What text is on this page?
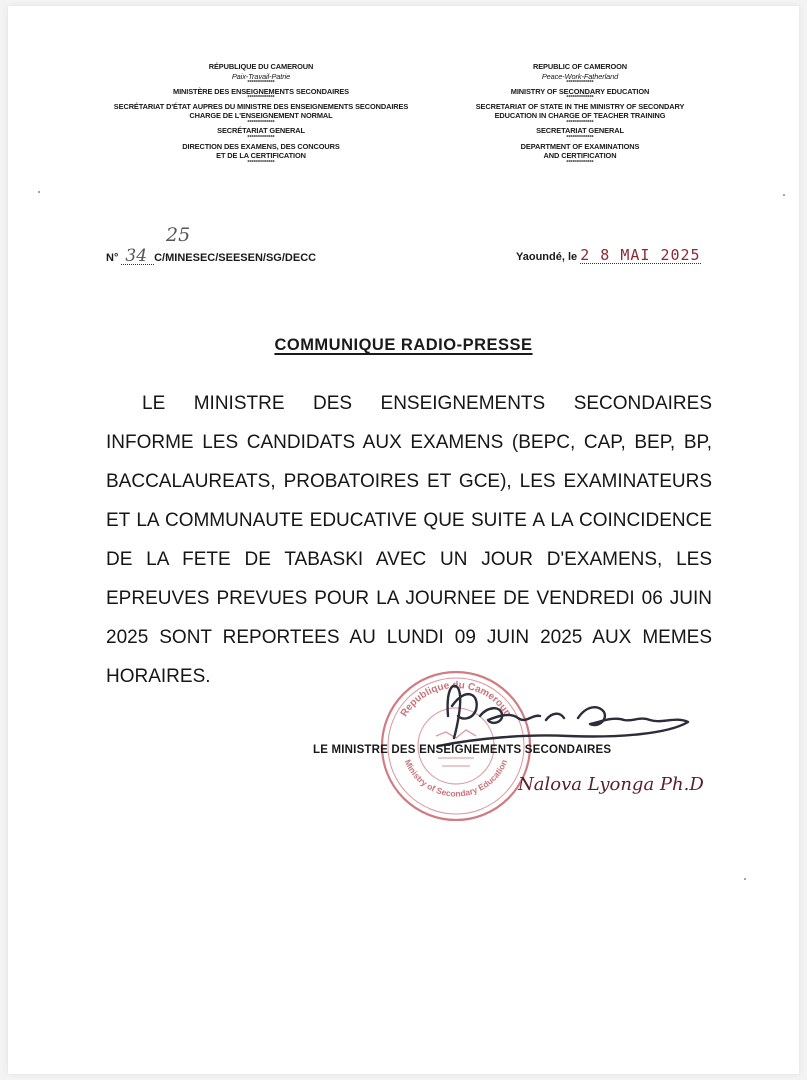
RÉPUBLIQUE DU CAMEROUN
Paix-Travail-Patrie
**************
MINISTÈRE DES ENSEIGNEMENTS SECONDAIRES
**************
SECRÉTARIAT D'ÉTAT AUPRES DU MINISTRE DES ENSEIGNEMENTS SECONDAIRES
CHARGE DE L'ENSEIGNEMENT NORMAL
**************
SECRÉTARIAT GENERAL
**************
DIRECTION DES EXAMENS, DES CONCOURS
ET DE LA CERTIFICATION
**************
REPUBLIC OF CAMEROON
Peace-Work-Fatherland
**************
MINISTRY OF SECONDARY EDUCATION
**************
SECRETARIAT OF STATE IN THE MINISTRY OF SECONDARY
EDUCATION IN CHARGE OF TEACHER TRAINING
**************
SECRETARIAT GENERAL
**************
DEPARTMENT OF EXAMINATIONS
AND CERTIFICATION
**************
N° 34
25
C/MINESEC/SEESEN/SG/DECC	Yaoundé, le 2 8 MAI 2025
COMMUNIQUE RADIO-PRESSE
LE MINISTRE DES ENSEIGNEMENTS SECONDAIRES INFORME LES CANDIDATS AUX EXAMENS (BEPC, CAP, BEP, BP, BACCALAUREATS, PROBATOIRES ET GCE), LES EXAMINATEURS ET LA COMMUNAUTE EDUCATIVE QUE SUITE A LA COINCIDENCE DE LA FETE DE TABASKI AVEC UN JOUR D'EXAMENS, LES EPREUVES PREVUES POUR LA JOURNEE DE VENDREDI 06 JUIN 2025 SONT REPORTEES AU LUNDI 09 JUIN 2025 AUX MEMES HORAIRES.
Republique du Cameroun
Ministry of Secondary Education
LE MINISTRE DES ENSEIGNEMENTS SECONDAIRES
Nalova Lyonga Ph.D
